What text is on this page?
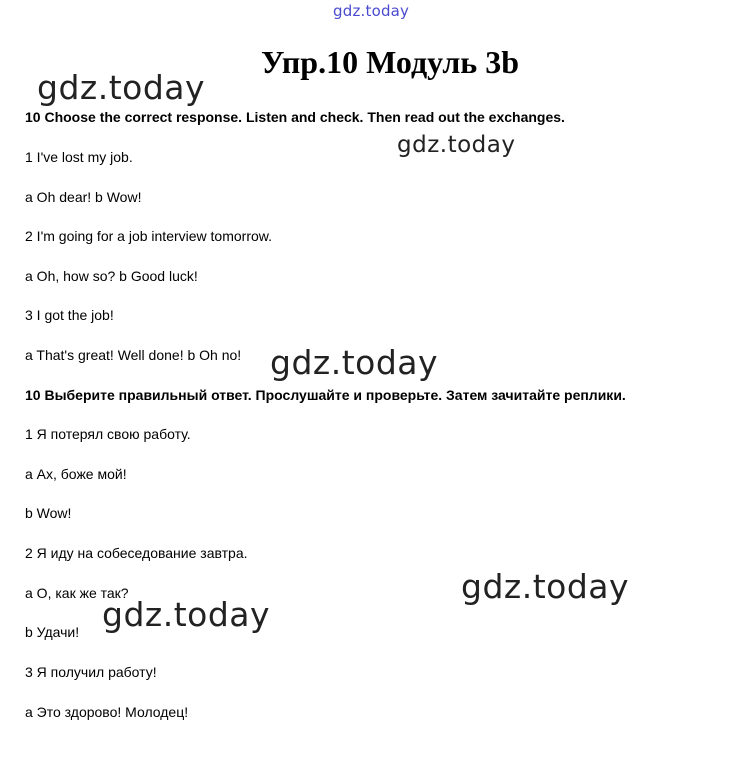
gdz.today
Упр.10 Модуль 3b
gdz.today
gdz.today
gdz.today
gdz.today
gdz.today
10 Choose the correct response. Listen and check. Then read out the exchanges.
1 I've lost my job.
a Oh dear! b Wow!
2 I'm going for a job interview tomorrow.
a Oh, how so? b Good luck!
3 I got the job!
a That's great! Well done! b Oh no!
10 Выберите правильный ответ. Прослушайте и проверьте. Затем зачитайте реплики.
1 Я потерял свою работу.
a Ах, боже мой!
b Wow!
2 Я иду на собеседование завтра.
a О, как же так?
b Удачи!
3 Я получил работу!
a Это здорово! Молодец!
